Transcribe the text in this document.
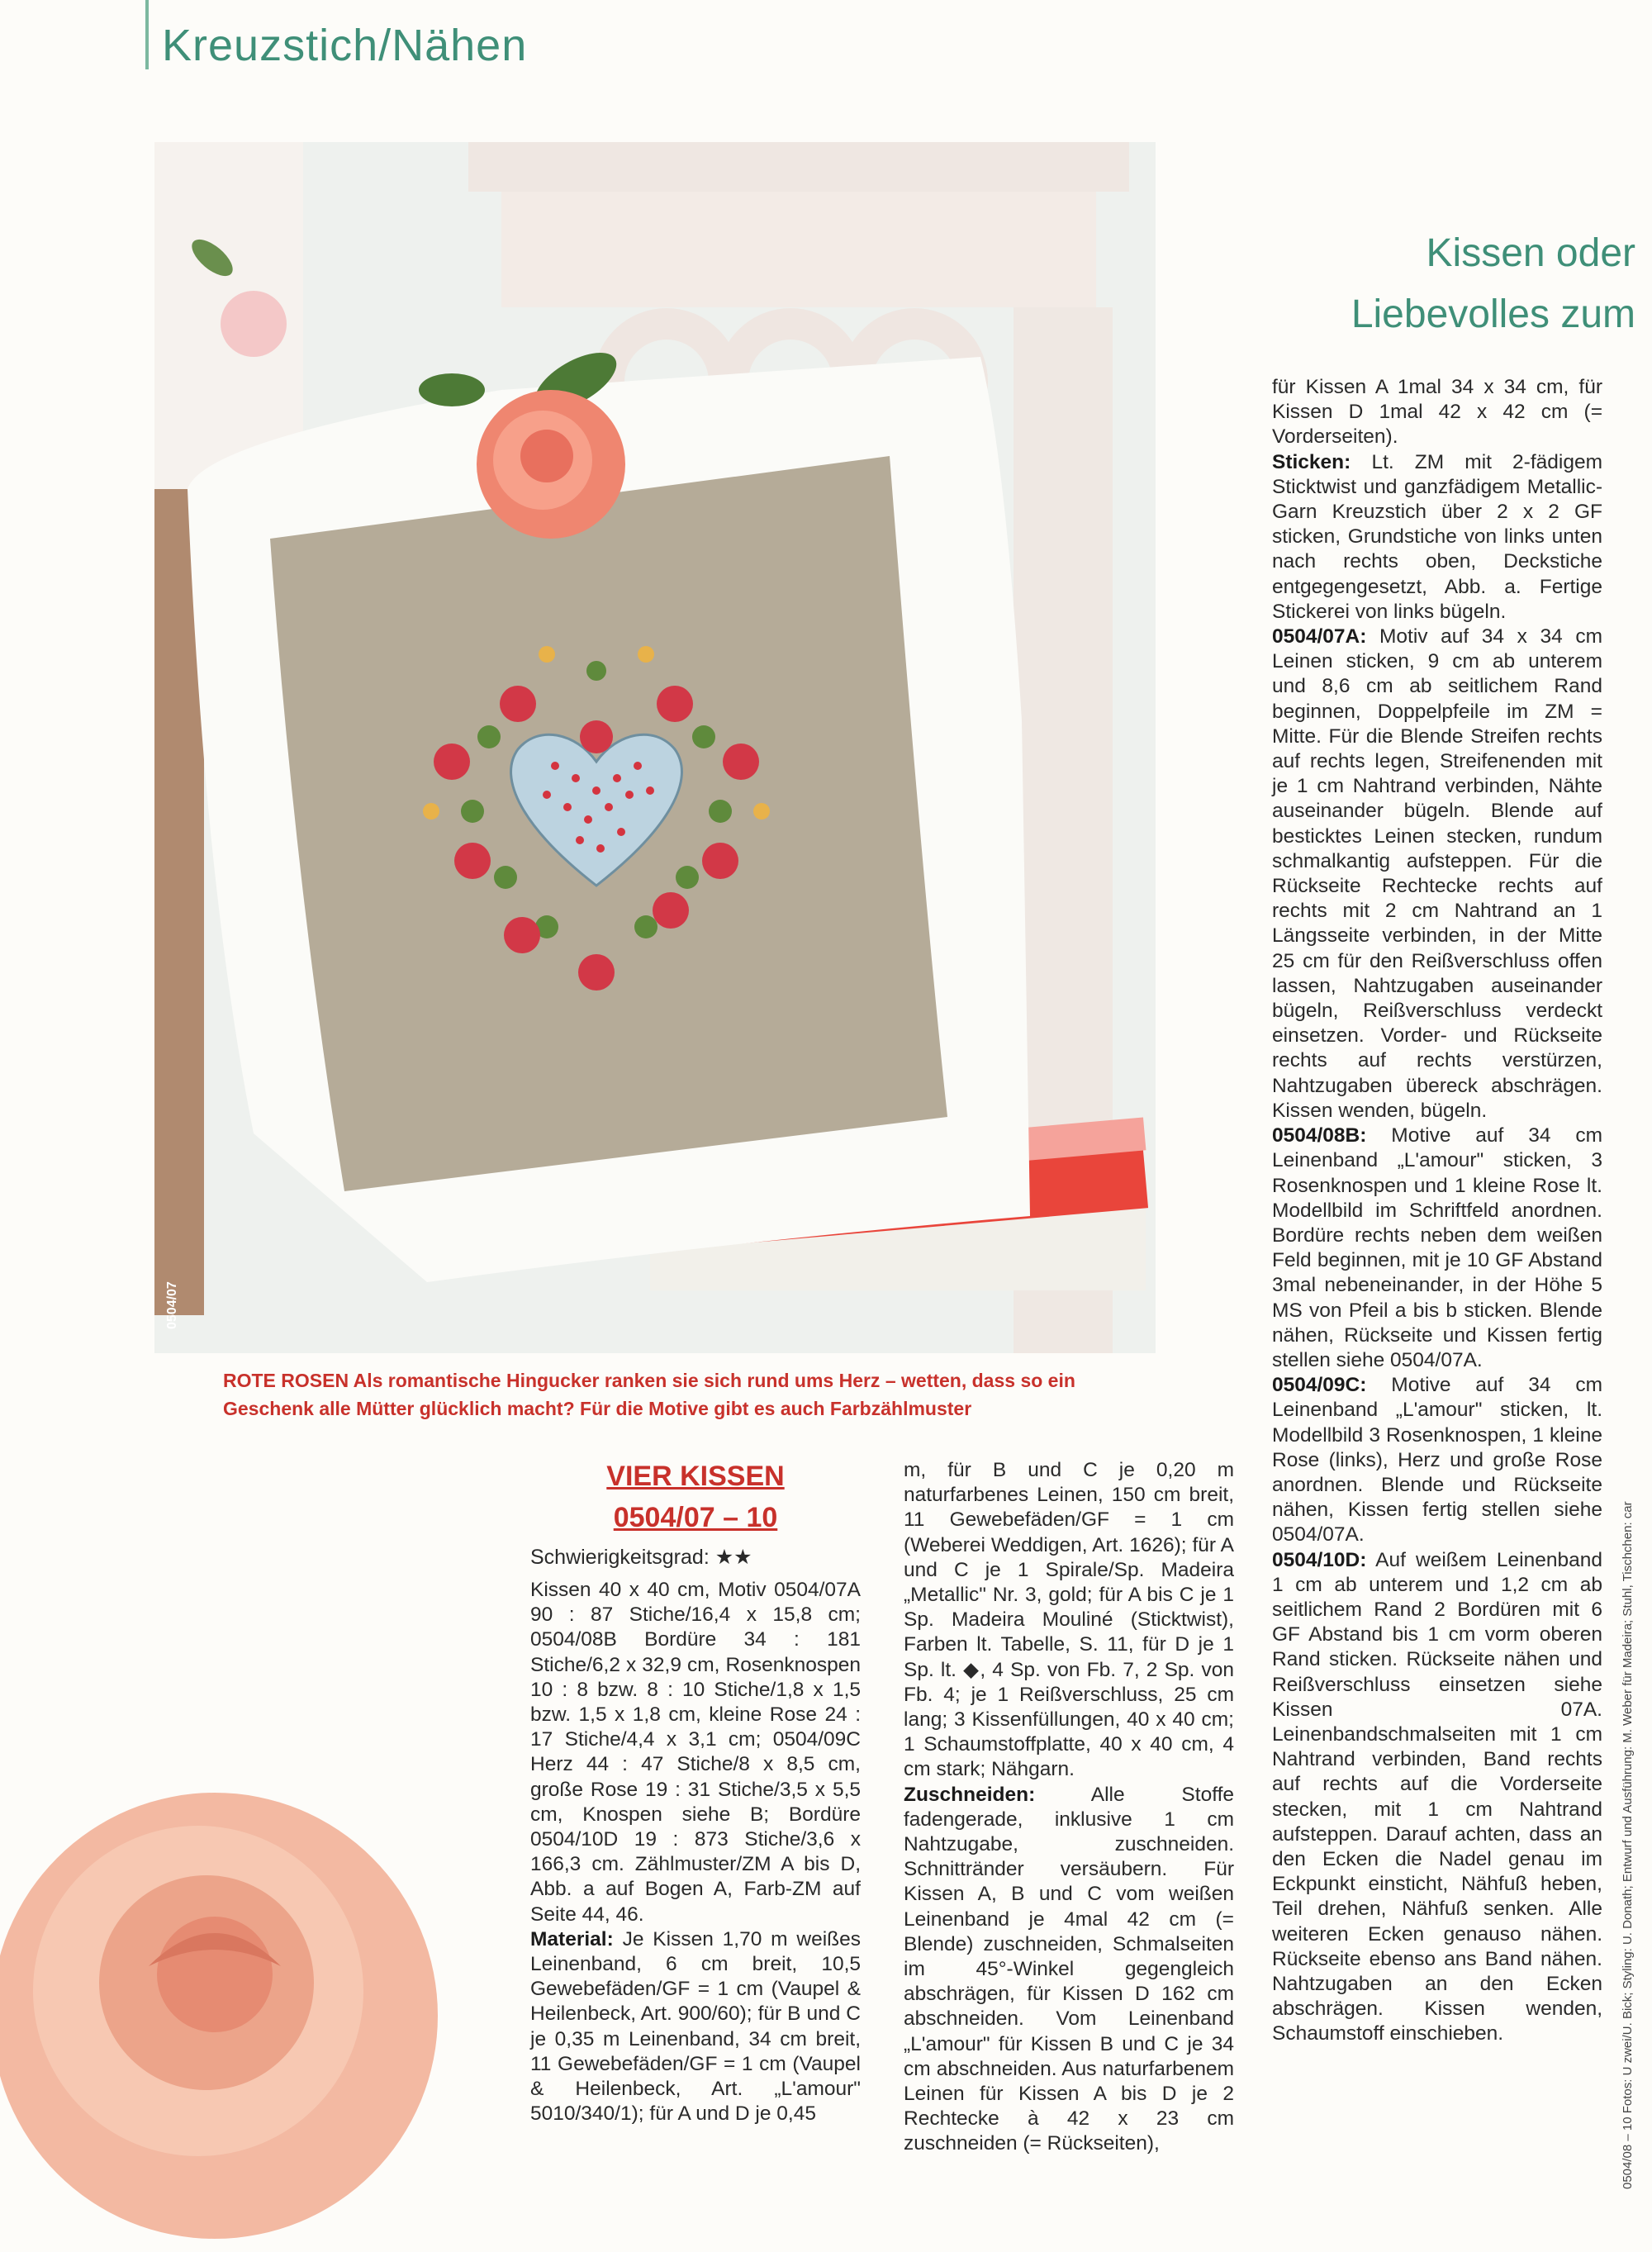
Kreuzstich/Nähen
0504/07
ROTE ROSEN Als romantische Hingucker ranken sie sich rund ums Herz – wetten, dass so ein Geschenk alle Mütter glücklich macht? Für die Motive gibt es auch Farbzählmuster
Kissen oder
Liebevolles zum
VIER KISSEN
0504/07 – 10
Schwierigkeitsgrad: ★★

Kissen 40 x 40 cm, Motiv 0504/07A 90 : 87 Stiche/16,4 x 15,8 cm; 0504/08B Bordüre 34 : 181 Stiche/6,2 x 32,9 cm, Rosenknospen 10 : 8 bzw. 8 : 10 Stiche/1,8 x 1,5 bzw. 1,5 x 1,8 cm, kleine Rose 24 : 17 Stiche/4,4 x 3,1 cm; 0504/09C Herz 44 : 47 Stiche/8 x 8,5 cm, große Rose 19 : 31 Stiche/3,5 x 5,5 cm, Knospen siehe B; Bordüre 0504/10D 19 : 873 Stiche/3,6 x 166,3 cm. Zählmuster/ZM A bis D, Abb. a auf Bogen A, Farb-ZM auf Seite 44, 46.

Material: Je Kissen 1,70 m weißes Leinenband, 6 cm breit, 10,5 Gewebefäden/GF = 1 cm (Vaupel & Heilenbeck, Art. 900/60); für B und C je 0,35 m Leinenband, 34 cm breit, 11 Gewebefäden/GF = 1 cm (Vaupel & Heilenbeck, Art. „L'amour" 5010/340/1); für A und D je 0,45

m, für B und C je 0,20 m naturfarbenes Leinen, 150 cm breit, 11 Gewebefäden/GF = 1 cm (Weberei Weddigen, Art. 1626); für A und C je 1 Spirale/Sp. Madeira „Metallic" Nr. 3, gold; für A bis C je 1 Sp. Madeira Mouliné (Sticktwist), Farben lt. Tabelle, S. 11, für D je 1 Sp. lt. ◆, 4 Sp. von Fb. 7, 2 Sp. von Fb. 4; je 1 Reißverschluss, 25 cm lang; 3 Kissenfüllungen, 40 x 40 cm; 1 Schaumstoffplatte, 40 x 40 cm, 4 cm stark; Nähgarn.

Zuschneiden:	Alle Stoffe fadengerade, inklusive 1 cm Nahtzugabe, zuschneiden. Schnittränder versäubern. Für Kissen A, B und C vom weißen Leinenband je 4mal 42 cm (= Blende) zuschneiden, Schmalseiten im 45°-Winkel gegengleich abschrägen, für Kissen D 162 cm abschneiden. Vom Leinenband „L'amour" für Kissen B und C je 34 cm abschneiden. Aus naturfarbenem Leinen für Kissen A bis D je 2 Rechtecke à 42 x 23 cm zuschneiden (= Rückseiten),

für Kissen A 1mal 34 x 34 cm, für Kissen D 1mal 42 x 42 cm (= Vorderseiten).

Sticken: Lt. ZM mit 2-fädigem Sticktwist und ganzfädigem Metallic-Garn Kreuzstich über 2 x 2 GF sticken, Grundstiche von links unten nach rechts oben, Deckstiche entgegengesetzt, Abb. a. Fertige Stickerei von links bügeln.

0504/07A: Motiv auf 34 x 34 cm Leinen sticken, 9 cm ab unterem und 8,6 cm ab seitlichem Rand beginnen, Doppelpfeile im ZM = Mitte. Für die Blende Streifen rechts auf rechts legen, Streifenenden mit je 1 cm Nahtrand verbinden, Nähte auseinander bügeln. Blende auf besticktes Leinen stecken, rundum schmalkantig aufsteppen. Für die Rückseite Rechtecke rechts auf rechts mit 2 cm Nahtrand an 1 Längsseite verbinden, in der Mitte 25 cm für den Reißverschluss offen lassen, Nahtzugaben auseinander bügeln, Reißverschluss verdeckt einsetzen. Vorder- und Rückseite rechts auf rechts verstürzen, Nahtzugaben übereck abschrägen. Kissen wenden, bügeln.

0504/08B: Motive auf 34 cm Leinenband „L'amour" sticken, 3 Rosenknospen und 1 kleine Rose lt. Modellbild im Schriftfeld anordnen. Bordüre rechts neben dem weißen Feld beginnen, mit je 10 GF Abstand 3mal nebeneinander, in der Höhe 5 MS von Pfeil a bis b sticken. Blende nähen, Rückseite und Kissen fertig stellen siehe 0504/07A.

0504/09C: Motive auf 34 cm Leinenband „L'amour" sticken, lt. Modellbild 3 Rosenknospen, 1 kleine Rose (links), Herz und große Rose anordnen. Blende und Rückseite nähen, Kissen fertig stellen siehe 0504/07A.

0504/10D: Auf weißem Leinenband 1 cm ab unterem und 1,2 cm ab seitlichem Rand 2 Bordüren mit 6 GF Abstand bis 1 cm vorm oberen Rand sticken. Rückseite nähen und Reißverschluss einsetzen siehe Kissen 07A. Leinenbandschmalseiten mit 1 cm Nahtrand verbinden, Band rechts auf rechts auf die Vorderseite stecken, mit 1 cm Nahtrand aufsteppen. Darauf achten, dass an den Ecken die Nadel genau im Eckpunkt einsticht, Nähfuß heben, Teil drehen, Nähfuß senken. Alle weiteren Ecken genauso nähen. Rückseite ebenso ans Band nähen. Nahtzugaben an den Ecken abschrägen. Kissen wenden, Schaumstoff einschieben.	0504/08 – 10 Fotos: U zwei/U. Bick; Styling: U. Donath; Entwurf und Ausführung: M. Weber für Madeira; Stuhl, Tischchen: car
